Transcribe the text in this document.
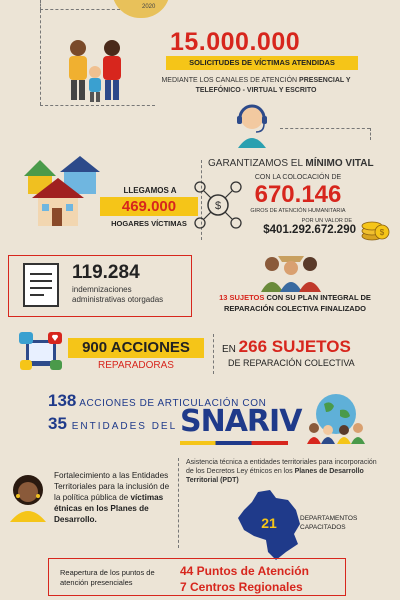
2020
15.000.000
SOLICITUDES DE VÍCTIMAS ATENDIDAS
MEDIANTE LOS CANALES DE ATENCIÓN PRESENCIAL Y TELEFÓNICO - VIRTUAL Y ESCRITO
LLEGAMOS A
469.000
HOGARES VÍCTIMAS
GARANTIZAMOS EL MÍNIMO VITAL
$
CON LA COLOCACIÓN DE
670.146
GIROS DE ATENCIÓN HUMANITARIA
POR UN VALOR DE
$401.292.672.290	$
119.284
indemnizaciones administrativas otorgadas	13 SUJETOS CON SU PLAN INTEGRAL DE REPARACIÓN COLECTIVA FINALIZADO
900 ACCIONES
REPARADORAS
EN 266 SUJETOS
DE REPARACIÓN COLECTIVA
138 ACCIONES DE ARTICULACIÓN CON
35 ENTIDADES DEL SNARIV
Fortalecimiento a las Entidades Territoriales para la inclusión de la política pública de víctimas étnicas en los Planes de Desarrollo.
Asistencia técnica a entidades territoriales para incorporación de los Decretos Ley étnicos en los Planes de Desarrollo Territorial (PDT)
21	DEPARTAMENTOS CAPACITADOS
Reapertura de los puntos de atención presenciales
44 Puntos de Atención
7 Centros Regionales
